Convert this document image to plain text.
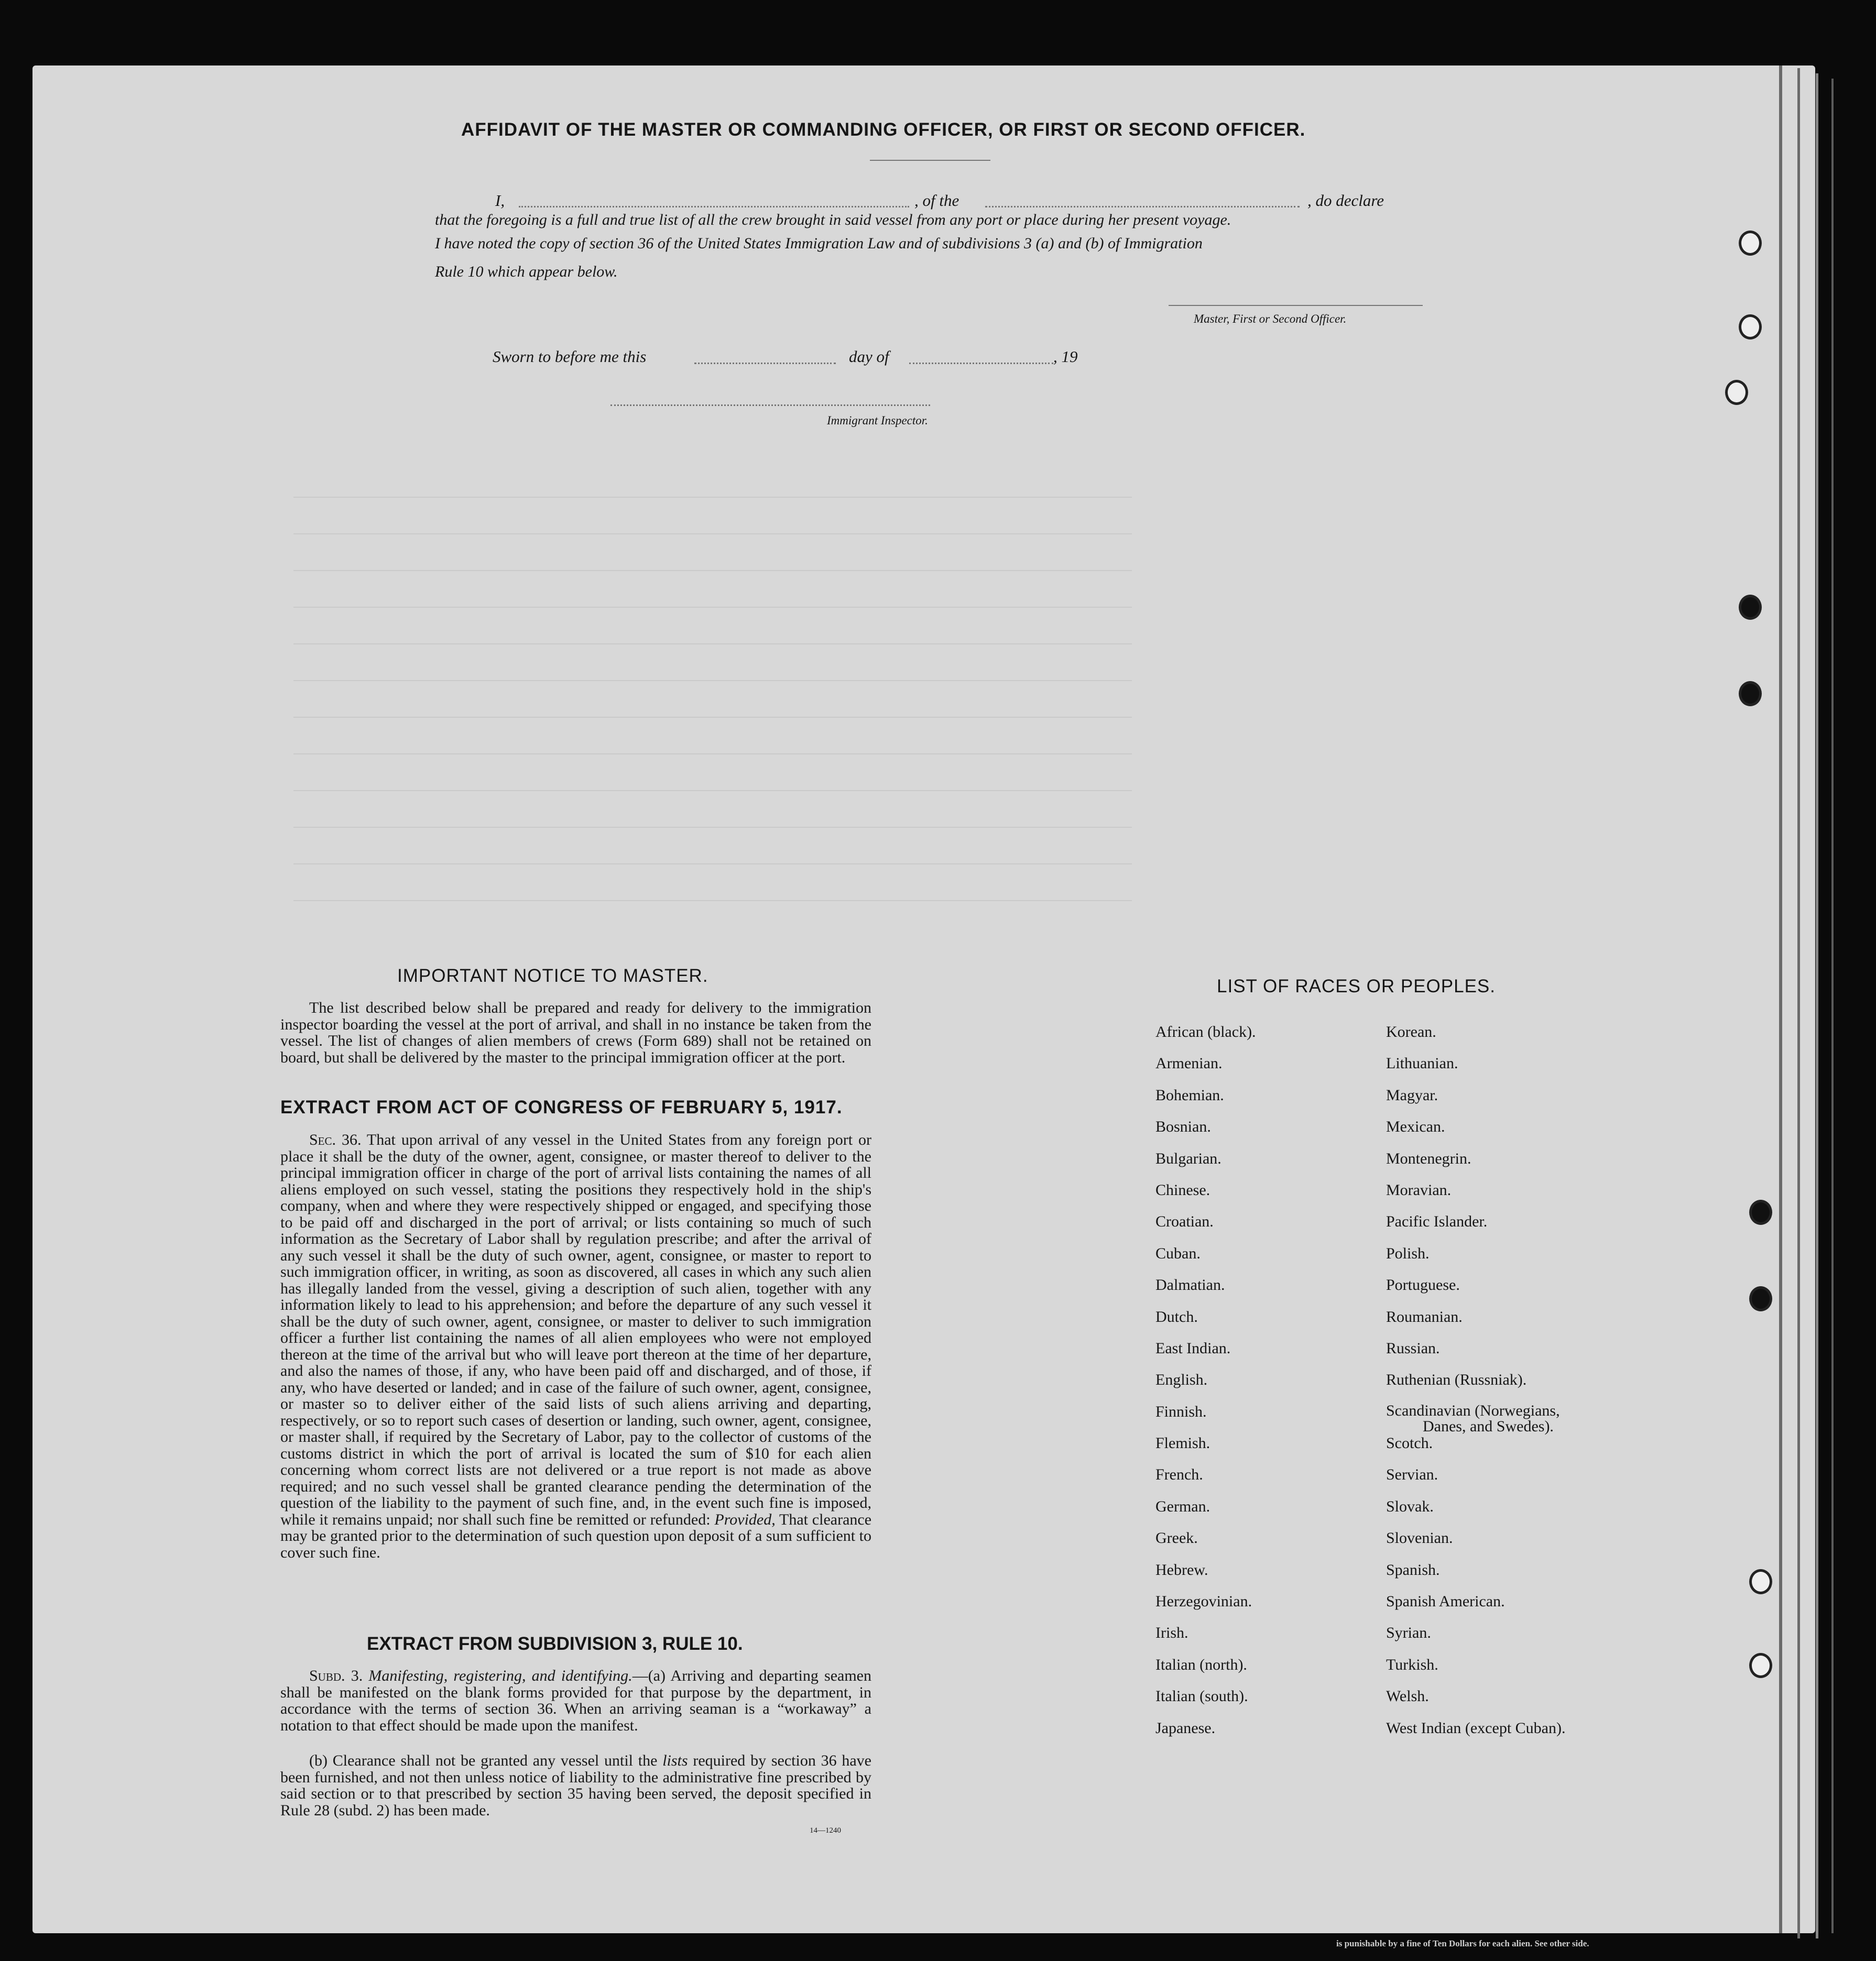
AFFIDAVIT OF THE MASTER OR COMMANDING OFFICER, OR FIRST OR SECOND OFFICER.
I,	, of the	, do declare
that the foregoing is a full and true list of all the crew brought in said vessel from any port or place during her present voyage.
I have noted the copy of section 36 of the United States Immigration Law and of subdivisions 3 (a) and (b) of Immigration
Rule 10 which appear below.
Master, First or Second Officer.
Sworn to before me this	day of	, 19
Immigrant Inspector.
IMPORTANT NOTICE TO MASTER.
The list described below shall be prepared and ready for delivery to the immigration inspector boarding the vessel at the port of arrival, and shall in no instance be taken from the vessel. The list of changes of alien members of crews (Form 689) shall not be retained on board, but shall be delivered by the master to the principal immigration officer at the port.
EXTRACT FROM ACT OF CONGRESS OF FEBRUARY 5, 1917.
Sec. 36. That upon arrival of any vessel in the United States from any foreign port or place it shall be the duty of the owner, agent, consignee, or master thereof to deliver to the principal immigration officer in charge of the port of arrival lists containing the names of all aliens employed on such vessel, stating the positions they respectively hold in the ship's company, when and where they were respectively shipped or engaged, and specifying those to be paid off and discharged in the port of arrival; or lists containing so much of such information as the Secretary of Labor shall by regulation prescribe; and after the arrival of any such vessel it shall be the duty of such owner, agent, consignee, or master to report to such immigration officer, in writing, as soon as discovered, all cases in which any such alien has illegally landed from the vessel, giving a description of such alien, together with any information likely to lead to his apprehension; and before the departure of any such vessel it shall be the duty of such owner, agent, consignee, or master to deliver to such immigration officer a further list containing the names of all alien employees who were not employed thereon at the time of the arrival but who will leave port thereon at the time of her departure, and also the names of those, if any, who have been paid off and discharged, and of those, if any, who have deserted or landed; and in case of the failure of such owner, agent, consignee, or master so to deliver either of the said lists of such aliens arriving and departing, respectively, or so to report such cases of desertion or landing, such owner, agent, consignee, or master shall, if required by the Secretary of Labor, pay to the collector of customs of the customs district in which the port of arrival is located the sum of $10 for each alien concerning whom correct lists are not delivered or a true report is not made as above required; and no such vessel shall be granted clearance pending the determination of the question of the liability to the payment of such fine, and, in the event such fine is imposed, while it remains unpaid; nor shall such fine be remitted or refunded: Provided, That clearance may be granted prior to the determination of such question upon deposit of a sum sufficient to cover such fine.
EXTRACT FROM SUBDIVISION 3, RULE 10.
Subd. 3. Manifesting, registering, and identifying.—(a) Arriving and departing seamen shall be manifested on the blank forms provided for that purpose by the department, in accordance with the terms of section 36. When an arriving seaman is a “workaway” a notation to that effect should be made upon the manifest.
(b) Clearance shall not be granted any vessel until the lists required by section 36 have been furnished, and not then unless notice of liability to the administrative fine prescribed by said section or to that prescribed by section 35 having been served, the deposit specified in Rule 28 (subd. 2) has been made.
14—1240
LIST OF RACES OR PEOPLES.
African (black).
Armenian.
Bohemian.
Bosnian.
Bulgarian.
Chinese.
Croatian.
Cuban.
Dalmatian.
Dutch.
East Indian.
English.
Finnish.
Flemish.
French.
German.
Greek.
Hebrew.
Herzegovinian.
Irish.
Italian (north).
Italian (south).
Japanese.
Korean.
Lithuanian.
Magyar.
Mexican.
Montenegrin.
Moravian.
Pacific Islander.
Polish.
Portuguese.
Roumanian.
Russian.
Ruthenian (Russniak).
Scandinavian (Norwegians,
Danes, and Swedes).
Scotch.
Servian.
Slovak.
Slovenian.
Spanish.
Spanish American.
Syrian.
Turkish.
Welsh.
West Indian (except Cuban).
is punishable by a fine of Ten Dollars for each alien. See other side.
